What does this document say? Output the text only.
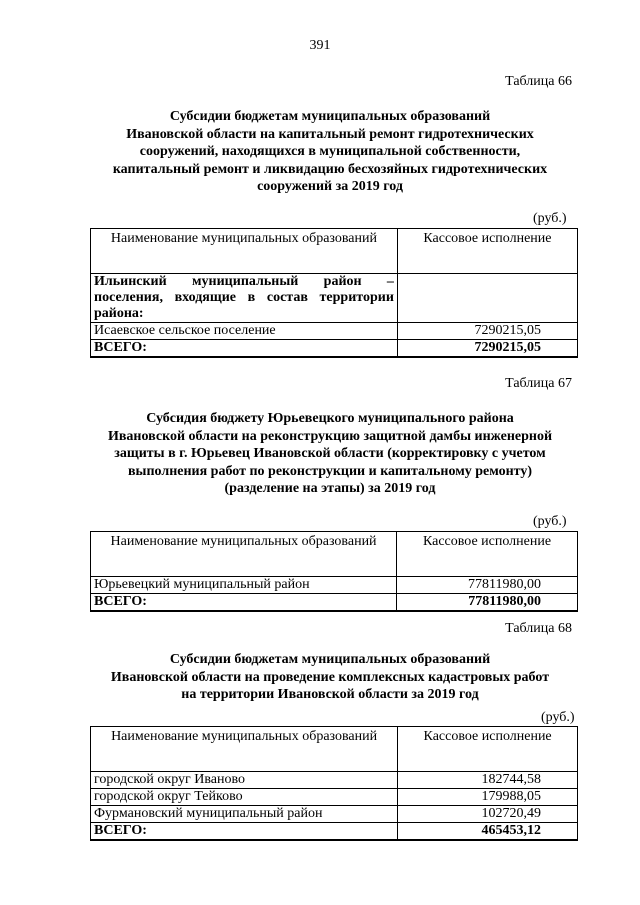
391
Таблица 66
Субсидии бюджетам муниципальных образований
Ивановской области на капитальный ремонт гидротехнических
сооружений, находящихся в муниципальной собственности,
капитальный ремонт и ликвидацию бесхозяйных гидротехнических
сооружений за 2019 год
(руб.)
Наименование муниципальных образований	Кассовое исполнение
Ильинский муниципальный район – поселения, входящие в состав территории района:	
Исаевское сельское поселение	7290215,05
ВСЕГО:	7290215,05
Таблица 67
Субсидия бюджету Юрьевецкого муниципального района
Ивановской области на реконструкцию защитной дамбы инженерной
защиты в г. Юрьевец Ивановской области (корректировку с учетом
выполнения работ по реконструкции и капитальному ремонту)
(разделение на этапы) за 2019 год
(руб.)
Наименование муниципальных образований	Кассовое исполнение
Юрьевецкий муниципальный район	77811980,00
ВСЕГО:	77811980,00
Таблица 68
Субсидии бюджетам муниципальных образований
Ивановской области на проведение комплексных кадастровых работ
на территории Ивановской области за 2019 год
(руб.)
Наименование муниципальных образований	Кассовое исполнение
городской округ Иваново	182744,58
городской округ Тейково	179988,05
Фурмановский муниципальный район	102720,49
ВСЕГО:	465453,12
